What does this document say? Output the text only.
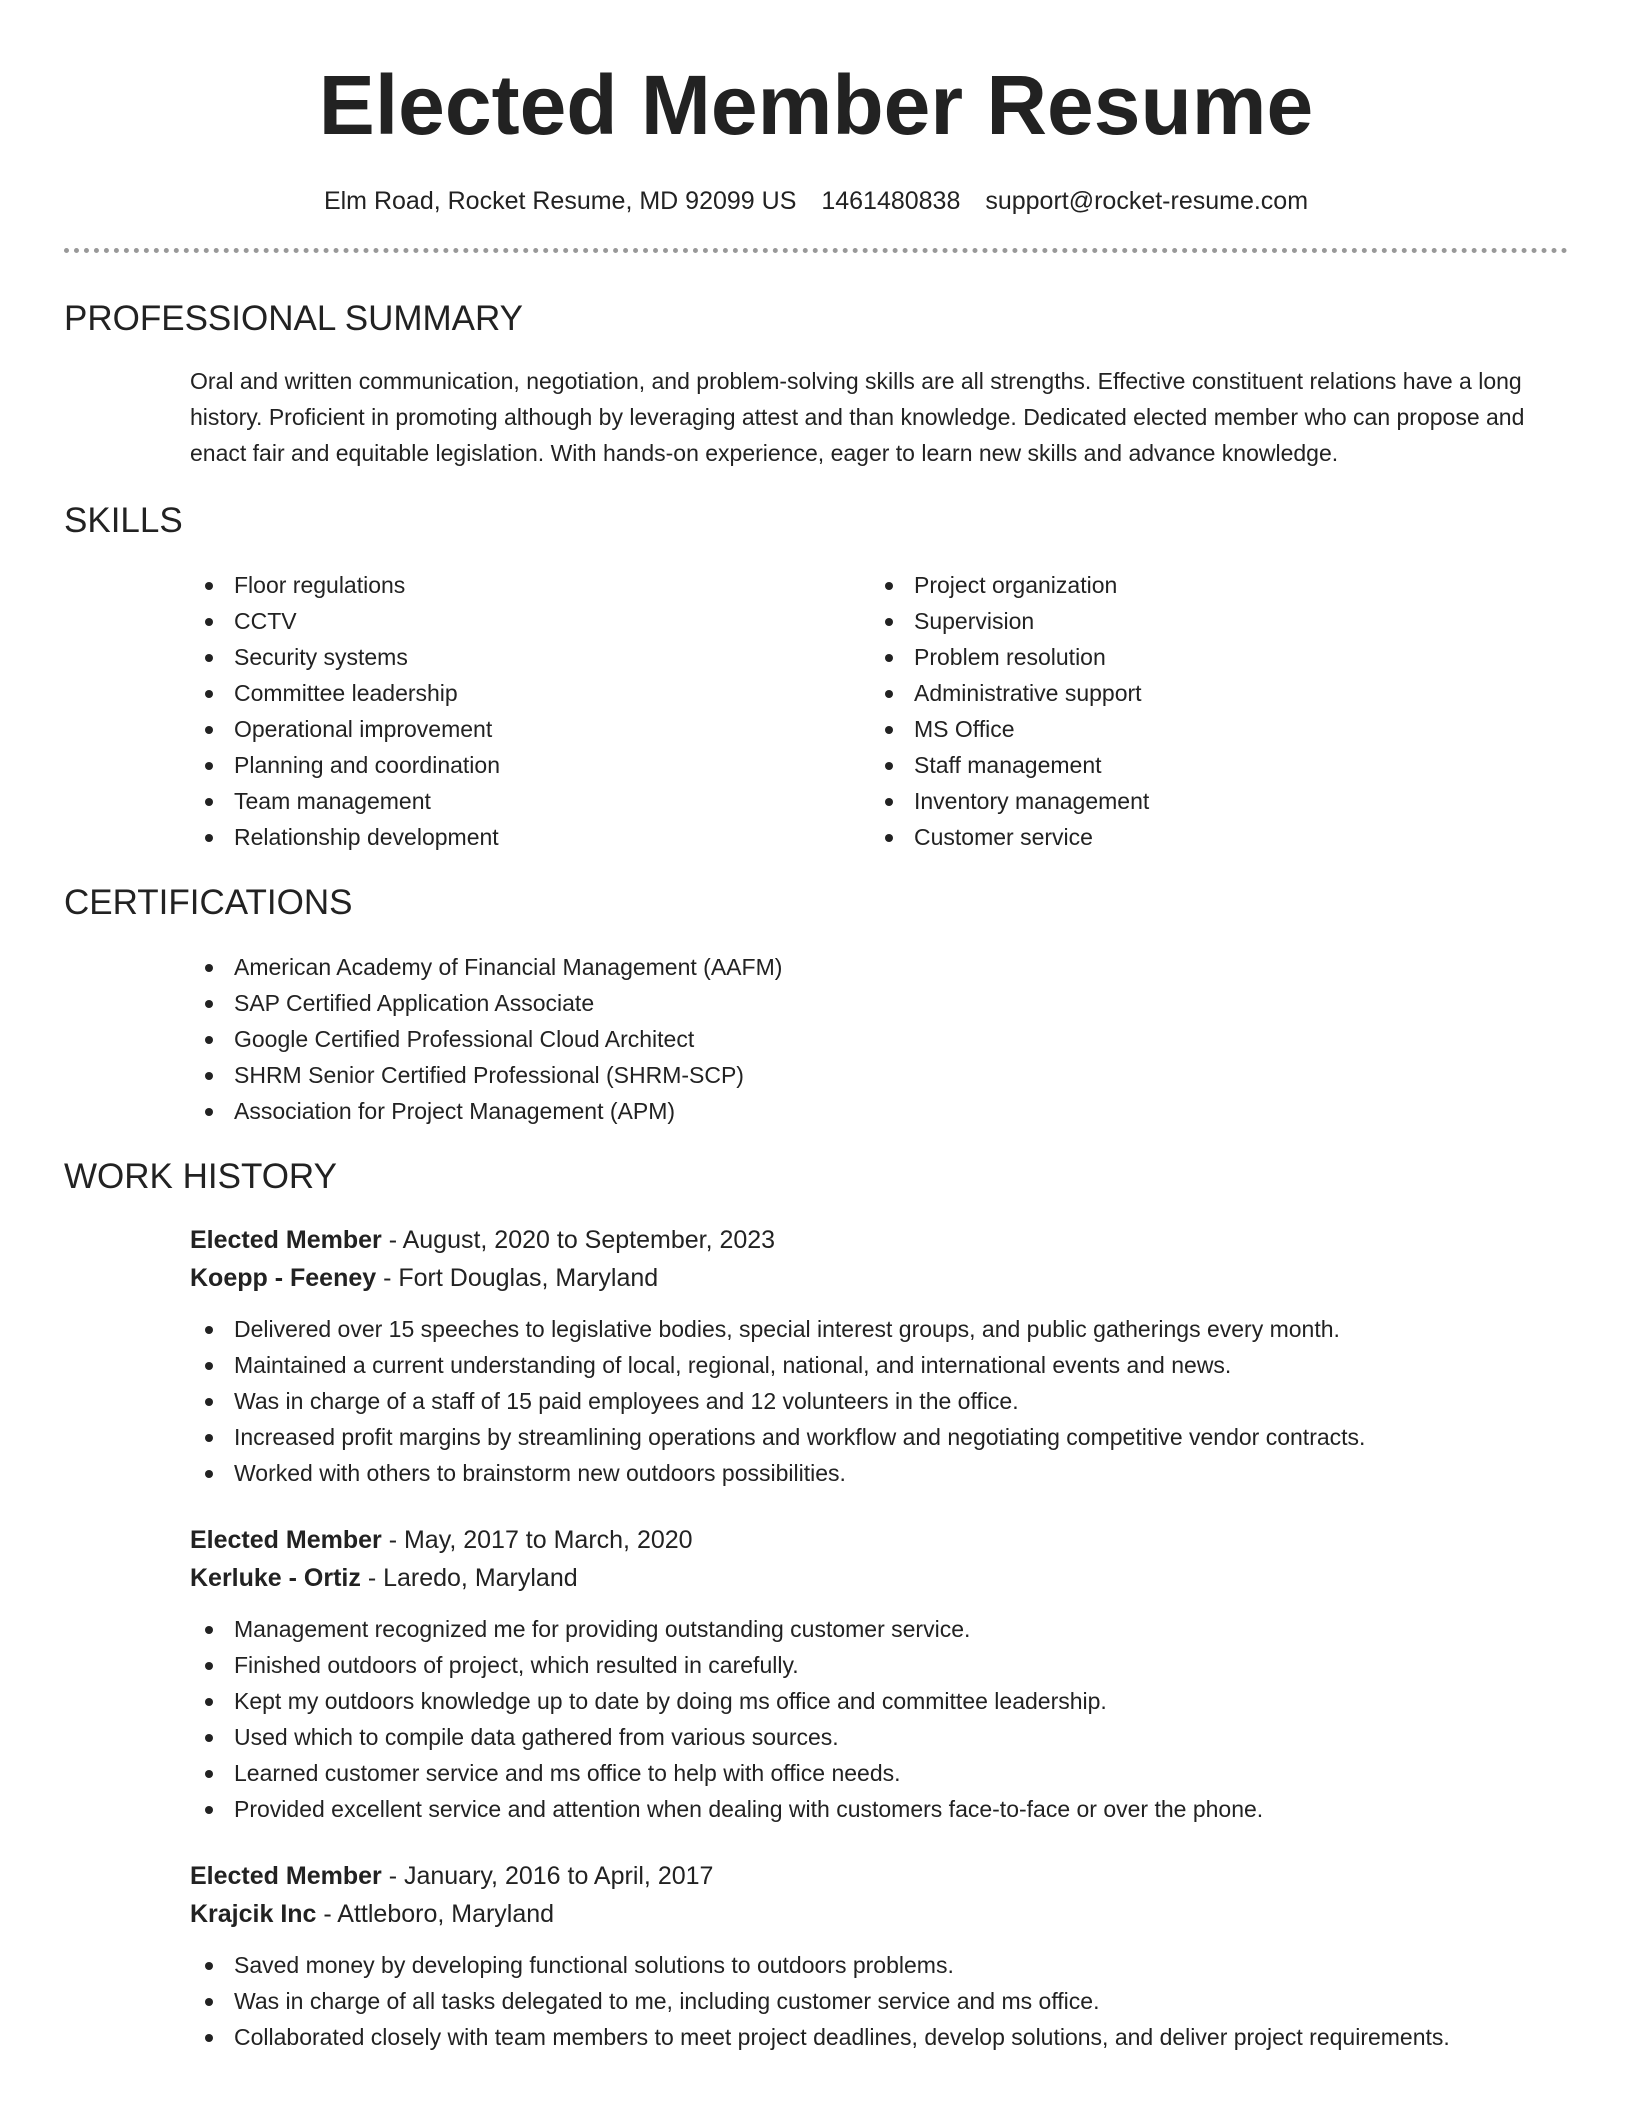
Elected Member Resume
Elm Road, Rocket Resume, MD 92099 US 1461480838 support@rocket-resume.com
PROFESSIONAL SUMMARY

Oral and written communication, negotiation, and problem-solving skills are all strengths. Effective constituent relations have a long history. Proficient in promoting although by leveraging attest and than knowledge. Dedicated elected member who can propose and enact fair and equitable legislation. With hands-on experience, eager to learn new skills and advance knowledge.

SKILLS
Floor regulations
CCTV
Security systems
Committee leadership
Operational improvement
Planning and coordination
Team management
Relationship development
Project organization
Supervision
Problem resolution
Administrative support
MS Office
Staff management
Inventory management
Customer service
CERTIFICATIONS
American Academy of Financial Management (AAFM)
SAP Certified Application Associate
Google Certified Professional Cloud Architect
SHRM Senior Certified Professional (SHRM-SCP)
Association for Project Management (APM)
WORK HISTORY
Elected Member - August, 2020 to September, 2023
Koepp - Feeney - Fort Douglas, Maryland
Delivered over 15 speeches to legislative bodies, special interest groups, and public gatherings every month.
Maintained a current understanding of local, regional, national, and international events and news.
Was in charge of a staff of 15 paid employees and 12 volunteers in the office.
Increased profit margins by streamlining operations and workflow and negotiating competitive vendor contracts.
Worked with others to brainstorm new outdoors possibilities.
Elected Member - May, 2017 to March, 2020
Kerluke - Ortiz - Laredo, Maryland
Management recognized me for providing outstanding customer service.
Finished outdoors of project, which resulted in carefully.
Kept my outdoors knowledge up to date by doing ms office and committee leadership.
Used which to compile data gathered from various sources.
Learned customer service and ms office to help with office needs.
Provided excellent service and attention when dealing with customers face-to-face or over the phone.
Elected Member - January, 2016 to April, 2017
Krajcik Inc - Attleboro, Maryland
Saved money by developing functional solutions to outdoors problems.
Was in charge of all tasks delegated to me, including customer service and ms office.
Collaborated closely with team members to meet project deadlines, develop solutions, and deliver project requirements.
